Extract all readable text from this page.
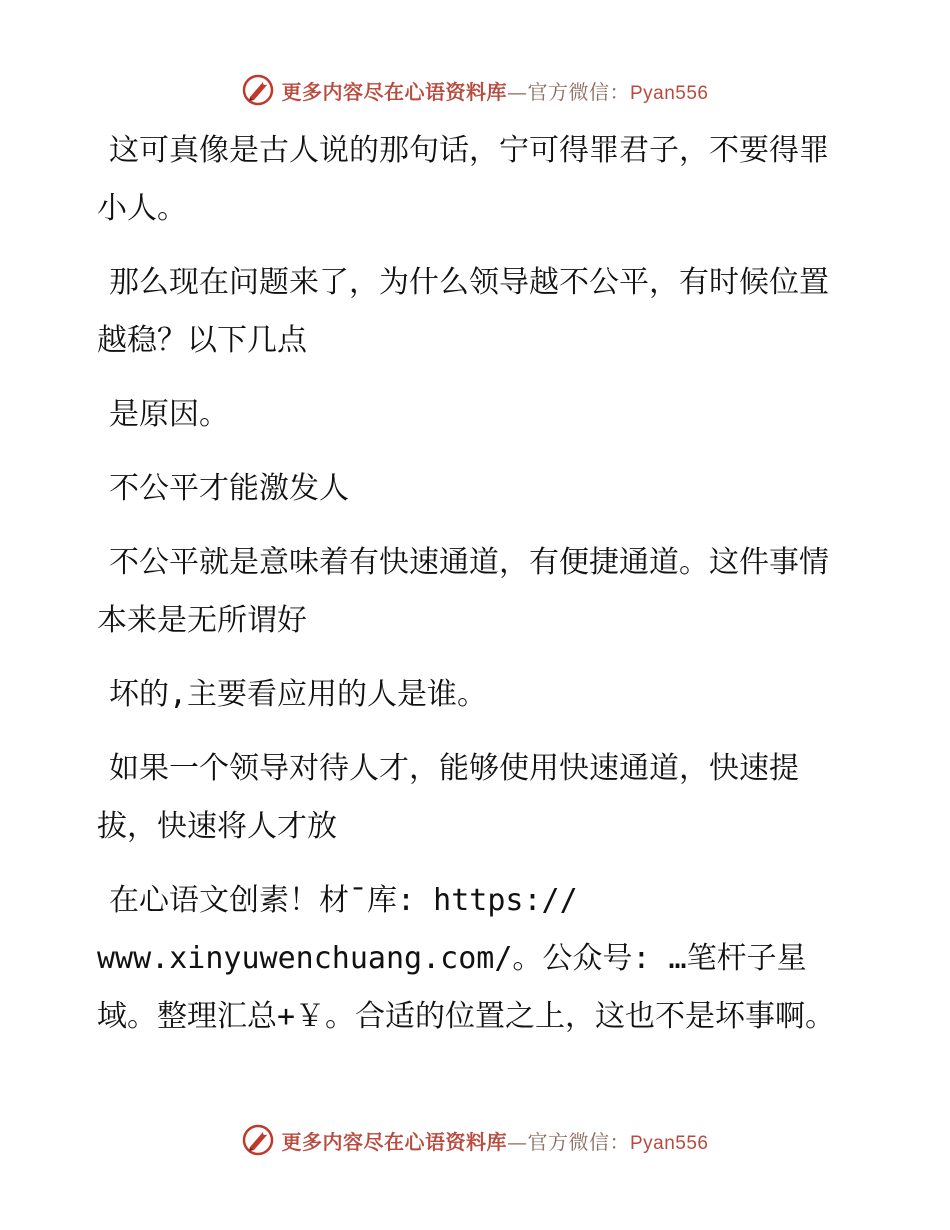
更多内容尽在心语资料库—官方微信：Pyan556

这可真像是古人说的那句话，宁可得罪君子，不要得罪小人。

那么现在问题来了，为什么领导越不公平，有时候位置越稳？以下几点

是原因。

不公平才能激发人

不公平就是意味着有快速通道，有便捷通道。这件事情本来是无所谓好

坏的,主要看应用的人是谁。

如果一个领导对待人才，能够使用快速通道，快速提拔，快速将人才放

在心语文创素！材¯库: https://

www.xinyuwenchuang.com/。公众号: …笔杆子星域。整理汇总+￥。合适的位置之上，这也不是坏事啊。

更多内容尽在心语资料库—官方微信：Pyan556
